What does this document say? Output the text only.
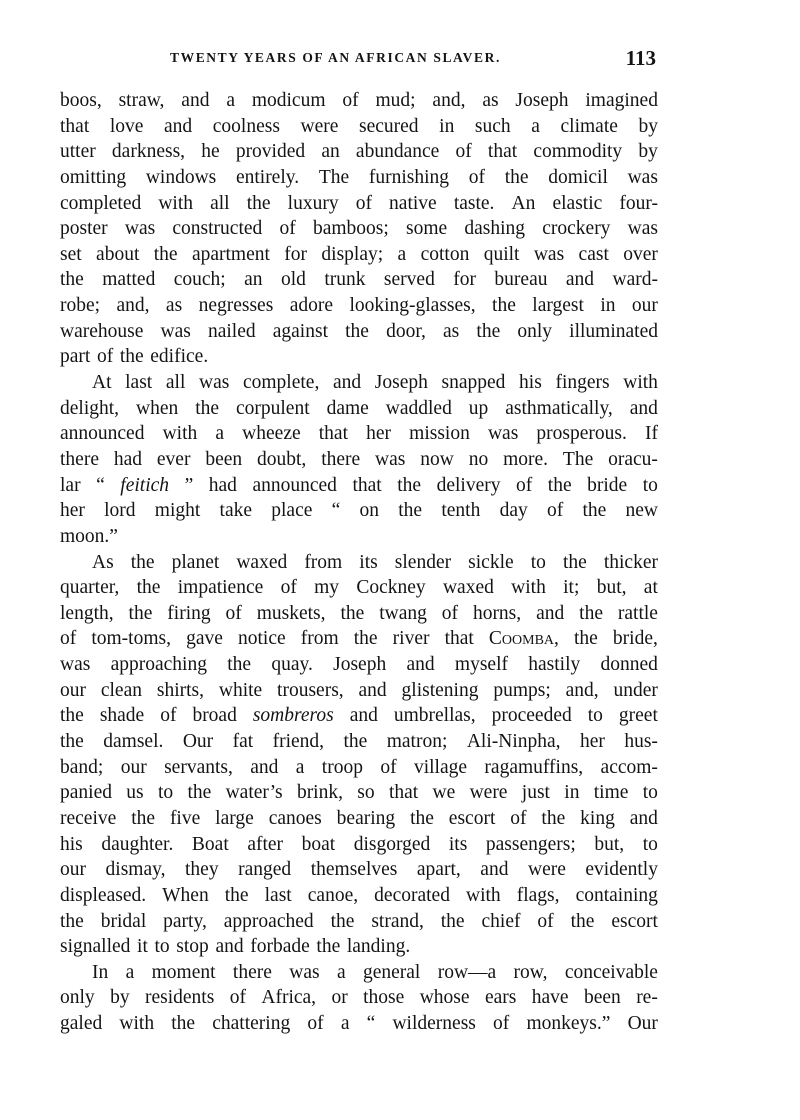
TWENTY YEARS OF AN AFRICAN SLAVER.	113
boos, straw, and a modicum of mud; and, as Joseph imagined
that love and coolness were secured in such a climate by
utter darkness, he provided an abundance of that commodity by
omitting windows entirely. The furnishing of the domicil was
completed with all the luxury of native taste. An elastic four-
poster was constructed of bamboos; some dashing crockery was
set about the apartment for display; a cotton quilt was cast over
the matted couch; an old trunk served for bureau and ward-
robe; and, as negresses adore looking-glasses, the largest in our
warehouse was nailed against the door, as the only illuminated
part of the edifice.
At last all was complete, and Joseph snapped his fingers with
delight, when the corpulent dame waddled up asthmatically, and
announced with a wheeze that her mission was prosperous. If
there had ever been doubt, there was now no more. The oracu-
lar “ feitich ” had announced that the delivery of the bride to
her lord might take place “ on the tenth day of the new
moon.”
As the planet waxed from its slender sickle to the thicker
quarter, the impatience of my Cockney waxed with it; but, at
length, the firing of muskets, the twang of horns, and the rattle
of tom-toms, gave notice from the river that Coomba, the bride,
was approaching the quay. Joseph and myself hastily donned
our clean shirts, white trousers, and glistening pumps; and, under
the shade of broad sombreros and umbrellas, proceeded to greet
the damsel. Our fat friend, the matron; Ali-Ninpha, her hus-
band; our servants, and a troop of village ragamuffins, accom-
panied us to the water’s brink, so that we were just in time to
receive the five large canoes bearing the escort of the king and
his daughter. Boat after boat disgorged its passengers; but, to
our dismay, they ranged themselves apart, and were evidently
displeased. When the last canoe, decorated with flags, containing
the bridal party, approached the strand, the chief of the escort
signalled it to stop and forbade the landing.
In a moment there was a general row—a row, conceivable
only by residents of Africa, or those whose ears have been re-
galed with the chattering of a “ wilderness of monkeys.” Our
